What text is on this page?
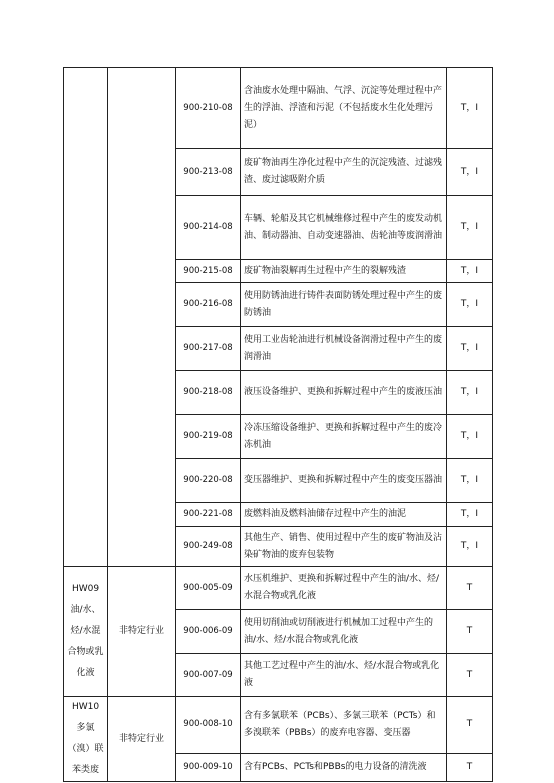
		900-210-08	含油废水处理中隔油、气浮、沉淀等处理过程中产生的浮油、浮渣和污泥（不包括废水生化处理污泥）	T，I
		900-213-08	废矿物油再生净化过程中产生的沉淀残渣、过滤残渣、废过滤吸附介质	T，I
		900-214-08	车辆、轮船及其它机械维修过程中产生的废发动机油、制动器油、自动变速器油、齿轮油等废润滑油	T，I
		900-215-08	废矿物油裂解再生过程中产生的裂解残渣	T，I
		900-216-08	使用防锈油进行铸件表面防锈处理过程中产生的废防锈油	T，I
		900-217-08	使用工业齿轮油进行机械设备润滑过程中产生的废润滑油	T，I
		900-218-08	液压设备维护、更换和拆解过程中产生的废液压油	T，I
		900-219-08	冷冻压缩设备维护、更换和拆解过程中产生的废冷冻机油	T，I
		900-220-08	变压器维护、更换和拆解过程中产生的废变压器油	T，I
		900-221-08	废燃料油及燃料油储存过程中产生的油泥	T，I
		900-249-08	其他生产、销售、使用过程中产生的废矿物油及沾染矿物油的废弃包装物	T，I
HW09 油/水、烃/水混合物或乳化液	非特定行业	900-005-09	水压机维护、更换和拆解过程中产生的油/水、烃/水混合物或乳化液	T
		900-006-09	使用切削油或切削液进行机械加工过程中产生的油/水、烃/水混合物或乳化液	T
		900-007-09	其他工艺过程中产生的油/水、烃/水混合物或乳化液	T
HW10 多氯（溴）联苯类废	非特定行业	900-008-10	含有多氯联苯（PCBs）、多氯三联苯（PCTs）和多溴联苯（PBBs）的废弃电容器、变压器	T
		900-009-10	含有PCBs、PCTs和PBBs的电力设备的清洗液	T
